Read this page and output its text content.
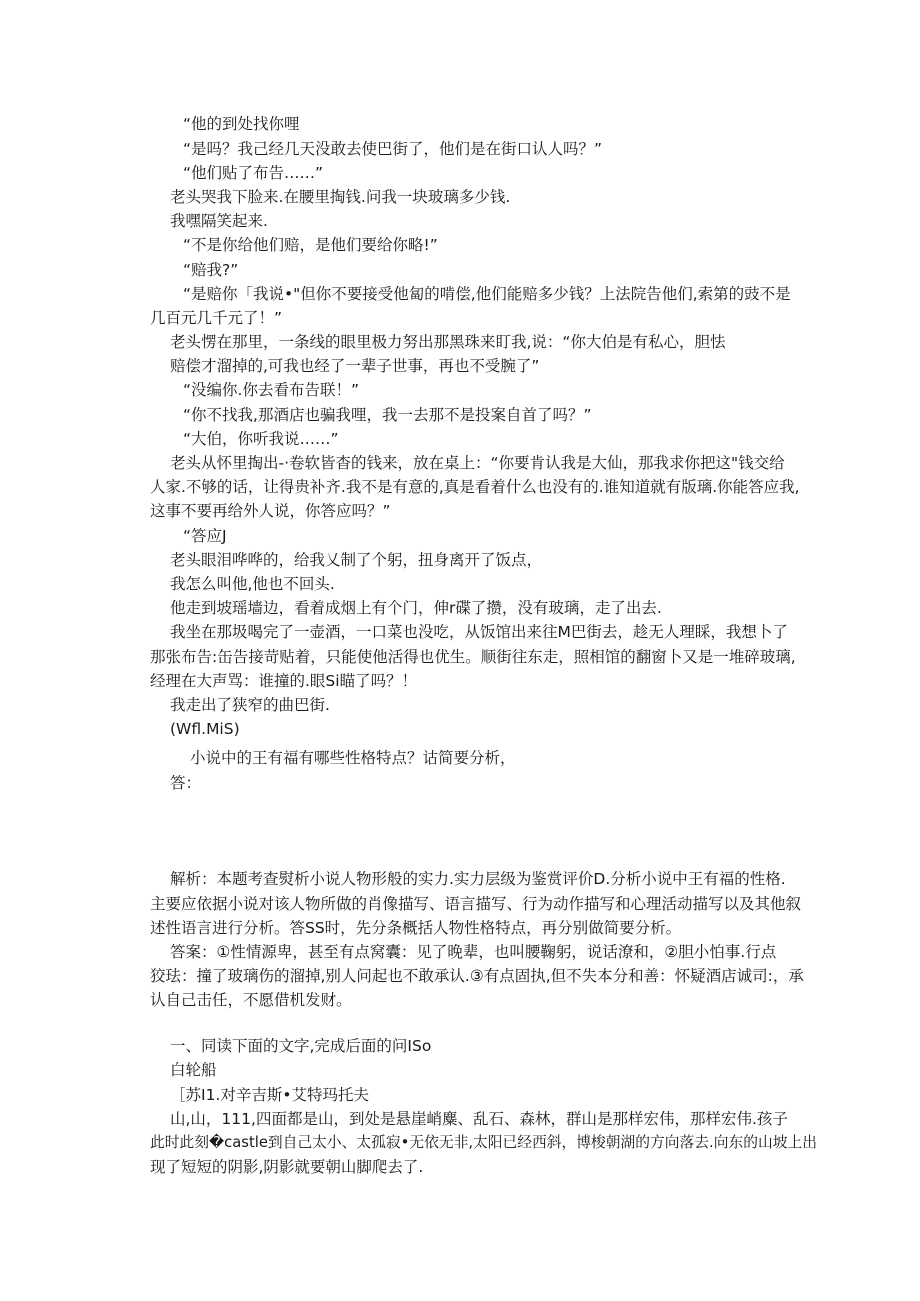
“他的到处找你哩
“是吗？我己经几天没敢去使巴街了，他们是在街口认人吗？”
“他们贴了布告……”
老头哭我下脸来.在腰里掏钱.问我一块玻璃多少钱.
我嘿隔笑起来.
“不是你给他们赔，是他们要给你略!”
“赔我?”
“是赔你「我说•"但你不要接受他匐的啃偿,他们能赔多少钱？上法院告他们,索第的豉不是
几百元几千元了！”
老头愣在那里，一条线的眼里极力努出那黑珠来盯我,说：“你大伯是有私心，胆怯
赔偿才溜掉的,可我也经了一辈子世事，再也不受腕了”
“没编你.你去看布告联！”
“你不找我,那酒店也骗我哩，我一去那不是投案自首了吗？”
“大伯，你听我说……”
老头从怀里掏出-·卷软皆杳的钱来，放在桌上：“你要肯认我是大仙，那我求你把这"钱交给
人家.不够的话，让得贵补齐.我不是有意的,真是看着什么也没有的.谁知道就有版璃.你能答应我,
这事不要再给外人说，你答应吗？”
“答应J
老头眼泪哗哗的，给我乂制了个躬，扭身离开了饭点，
我怎么叫他,他也不回头.
他走到坡瑶墙边，看着成烟上有个门，伸r碟了攒，没有玻璃，走了出去.
我坐在那圾喝完了一壶酒，一口菜也没吃，从饭馆出来往M巴街去，趁无人理睬，我想卜了
那张布告:缶告接苛贴着，只能使他活得也优生。顺街往东走，照相馆的翻窗卜又是一堆碎玻璃,
经理在大声骂：谁撞的.眼Si瞄了吗？！
我走出了狭窄的曲巴街.
(Wfl.MiS)
小说中的王有福有哪些性格特点？诂简要分析，
答：
解析：本题考查熨析小说人物形般的实力.实力层级为鉴赏评价D.分析小说中王有福的性格.
主要应依据小说对该人物所做的肖像描写、语言描写、行为动作描写和心理活动描写以及其他叙
述性语言进行分析。答SS时，先分条概括人物性格特点，再分别做简要分析。
答案：①性情源卑，甚至有点窝囊：见了晚辈，也叫腰鞠躬，说话潦和，②胆小怕事.行点
狡珐：撞了玻璃伤的溜掉,别人问起也不敢承认.③有点固执,但不失本分和善：怀疑酒店诚司:，承
认自己击任，不愿借机发财。
一、同读下面的文字,完成后面的问ISo
白轮船
［苏I1.对辛吉斯•艾特玛托夫
山,山，111,四面都是山，到处是悬崖峭麋、乱石、森林，群山是那样宏伟，那样宏伟.孩子
此时此刻�castle到自己太小、太孤寂•无依无非,太阳已经西斜，博梭朝湖的方向落去.向东的山坡上出
现了短短的阴影,阴影就要朝山脚爬去了.
